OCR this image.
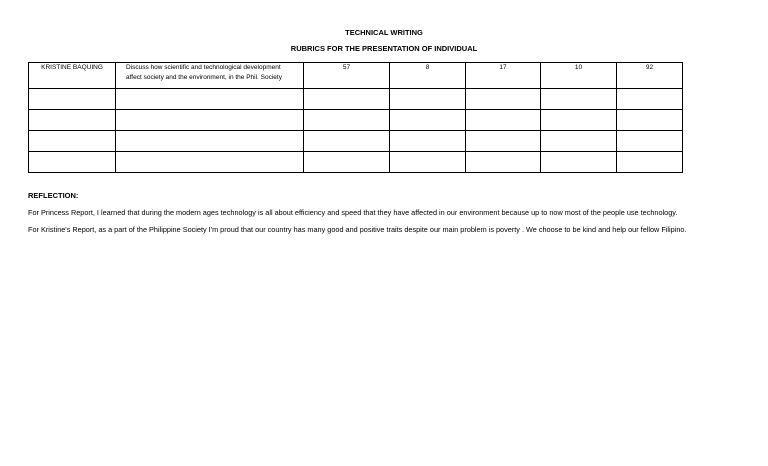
TECHNICAL WRITING
RUBRICS FOR THE PRESENTATION OF INDIVIDUAL
KRISTINE BAQUING	Discuss how scientific and technological development affect society and the environment, in the Phil. Society	57	8	17	10	92

REFLECTION:
For Princess Report, I learned that during the modern ages technology is all about efficiency and speed that they have affected in our environment because up to now most of the people use technology.
For Kristine's Report, as a part of the Philippine Society I'm proud that our country has many good and positive traits despite our main problem is poverty . We choose to be kind and help our fellow Filipino.
